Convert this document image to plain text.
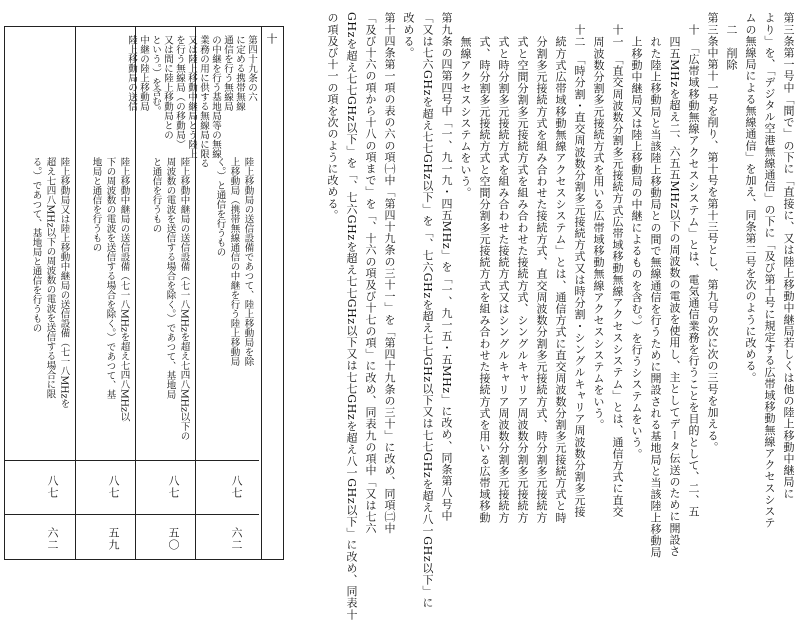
第三条第一号中「間で」の下に「直接に、又は陸上移動中継局若しくは他の陸上移動中継局に
より」を、「デジタル空港無線通信」の下に「及び第十号に規定する広帯域移動無線アクセスシステ
ムの無線局による無線通信」を加え、同条第二号を次のように改める。
二　削除
第三条中第十一号を削り、第十号を第十三号とし、第九号の次に次の三号を加える。
十　「広帯域移動無線アクセスシステム」とは、電気通信業務を行うことを目的として、二、五
四五MHzを超え二、六五五MHz以下の周波数の電波を使用し、主としてデータ伝送のために開設さ
れた陸上移動局と当該陸上移動局との間で無線通信を行うために開設される基地局と当該陸上移動局
上移動中継局又は陸上移動局の中継によるものを含む。）を行うシステムをいう。
十一　「直交周波数分割多元接続方式広帯域移動無線アクセスシステム」とは、通信方式に直交
周波数分割多元接続方式を用いる広帯域移動無線アクセスシステムをいう。
十二　「時分割・直交周波数分割多元接続方式又は時分割・シングルキャリア周波数分割多元接
続方式広帯域移動無線アクセスシステム」とは、通信方式に直交周波数分割多元接続方式と時
分割多元接続方式を組み合わせた接続方式、直交周波数分割多元接続方式、時分割多元接続方
式と空間分割多元接続方式を組み合わせた接続方式、シングルキャリア周波数分割多元接続方
式と時分割多元接続方式を組み合わせた接続方式又はシングルキャリア周波数分割多元接続方
式、時分割多元接続方式と空間分割多元接続方式を組み合わせた接続方式を用いる広帯域移動
無線アクセスシステムをいう。
第九条の四第四号中「一、九一九・四五MHz」を「一、九一五・五MHz」に改め、同条第八号中
「又は七六GHzを超え七七GHz以下」を「、七六GHzを超え七七GHz以下又は七七GHzを超え八一GHz以下」に
改める。
第十四条第一項の表の六の項㈠中「第四十九条の三十一」を「第四十九条の三十」に改め、同項㈡中
「及び十六の項から十八の項まで」を「、十六の項及び十七の項」に改め、同表九の項中「又は七六
GHzを超え七七GHz以下」を「、七六GHzを超え七七GHz以下又は七七GHzを超え八一GHz以下」に改め、同表十
の項及び十一の項を次のように改める。
十
第四十九条の六
に定める携帯無線
通信を行う無線局
の中継を行う基地局等の無線
業務の用に供する無線局に限る
又は陸上移動中継局とう陸上
を行う無線局（の移動局）
又は間に陸上移動局との
という。）を含む。
中継の陸上移動局
陸上移動局の送信
陸上移動局の送信設備であつて、陸上移動局を除
上移動局（携帯無線通信の中継を行う陸上移動局
く。）と通信を行うもの
八七
六二
陸上移動中継局の送信設備（七一八MHzを超え七四八MHz以下の
周波数の電波を送信する場合を除く。）であつて、基地局
と通信を行うもの
八七
五〇
陸上移動中継局の送信設備（七一八MHzを超え七四八MHz以
下の周波数の電波を送信する場合を除く。）であつて、基
地局と通信を行うもの
八七
五九
陸上移動局又は陸上移動中継局の送信設備（七一八MHzを
超え七四八MHz以下の周波数の電波を送信する場合に限
る。）であつて、基地局と通信を行うもの
八七
六二
